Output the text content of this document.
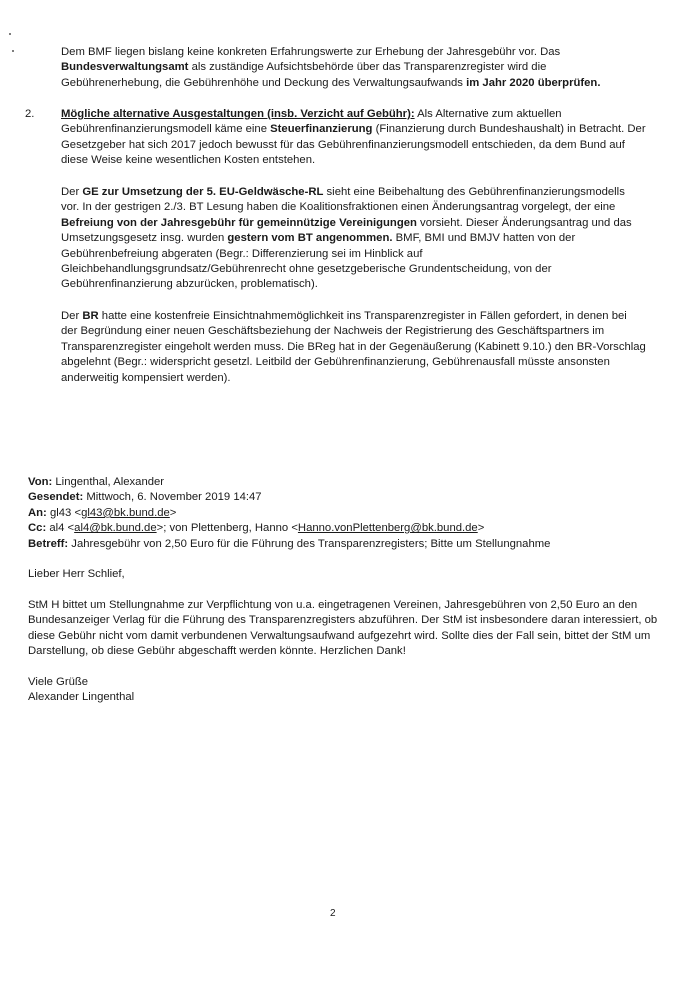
Dem BMF liegen bislang keine konkreten Erfahrungswerte zur Erhebung der Jahresgebühr vor. Das Bundesverwaltungsamt als zuständige Aufsichtsbehörde über das Transparenzregister wird die Gebührenerhebung, die Gebührenhöhe und Deckung des Verwaltungsaufwands im Jahr 2020 überprüfen.

2. Mögliche alternative Ausgestaltungen (insb. Verzicht auf Gebühr): Als Alternative zum aktuellen Gebührenfinanzierungsmodell käme eine Steuerfinanzierung (Finanzierung durch Bundeshaushalt) in Betracht. Der Gesetzgeber hat sich 2017 jedoch bewusst für das Gebührenfinanzierungsmodell entschieden, da dem Bund auf diese Weise keine wesentlichen Kosten entstehen.

Der GE zur Umsetzung der 5. EU-Geldwäsche-RL sieht eine Beibehaltung des Gebührenfinanzierungsmodells vor. In der gestrigen 2./3. BT Lesung haben die Koalitionsfraktionen einen Änderungsantrag vorgelegt, der eine Befreiung von der Jahresgebühr für gemeinnützige Vereinigungen vorsieht. Dieser Änderungsantrag und das Umsetzungsgesetz insg. wurden gestern vom BT angenommen. BMF, BMI und BMJV hatten von der Gebührenbefreiung abgeraten (Begr.: Differenzierung sei im Hinblick auf Gleichbehandlungsgrundsatz/Gebührenrecht ohne gesetzgeberische Grundentscheidung, von der Gebührenfinanzierung abzurücken, problematisch).

Der BR hatte eine kostenfreie Einsichtnahmemöglichkeit ins Transparenzregister in Fällen gefordert, in denen bei der Begründung einer neuen Geschäftsbeziehung der Nachweis der Registrierung des Geschäftspartners im Transparenzregister eingeholt werden muss. Die BReg hat in der Gegenäußerung (Kabinett 9.10.) den BR-Vorschlag abgelehnt (Begr.: widerspricht gesetzl. Leitbild der Gebührenfinanzierung, Gebührenausfall müsste ansonsten anderweitig kompensiert werden).

Von: Lingenthal, Alexander

Gesendet: Mittwoch, 6. November 2019 14:47

An: gl43 <gl43@bk.bund.de>

Cc: al4 <al4@bk.bund.de>; von Plettenberg, Hanno <Hanno.vonPlettenberg@bk.bund.de>

Betreff: Jahresgebühr von 2,50 Euro für die Führung des Transparenzregisters; Bitte um Stellungnahme

Lieber Herr Schlief,

StM H bittet um Stellungnahme zur Verpflichtung von u.a. eingetragenen Vereinen, Jahresgebühren von 2,50 Euro an den Bundesanzeiger Verlag für die Führung des Transparenzregisters abzuführen. Der StM ist insbesondere daran interessiert, ob diese Gebühr nicht vom damit verbundenen Verwaltungsaufwand aufgezehrt wird. Sollte dies der Fall sein, bittet der StM um Darstellung, ob diese Gebühr abgeschafft werden könnte. Herzlichen Dank!

Viele Grüße

Alexander Lingenthal

2
